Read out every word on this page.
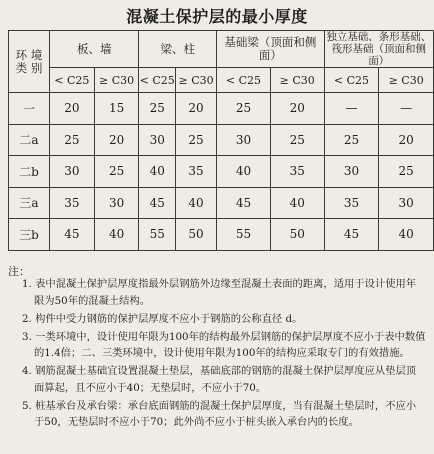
混凝土保护层的最小厚度
环 境
类 别	板、墙		梁、柱		基础梁（顶面和侧面）		独立基础、条形基础、筏形基础（顶面和侧面）	
	< C25	≥ C30	< C25	≥ C30	< C25	≥ C30	< C25	≥ C30
一	20	15	25	20	25	20	—	—
二a	25	20	30	25	30	25	25	20
二b	30	25	40	35	40	35	30	25
三a	35	30	45	40	45	40	35	30
三b	45	40	55	50	55	50	45	40
注：
1. 表中混凝土保护层厚度指最外层钢筋外边缘至混凝土表面的距离，适用于设计使用年限为50年的混凝土结构。
2. 构件中受力钢筋的保护层厚度不应小于钢筋的公称直径 d。
3. 一类环境中，设计使用年限为100年的结构最外层钢筋的保护层厚度不应小于表中数值的1.4倍；二、三类环境中，设计使用年限为100年的结构应采取专门的有效措施。
4. 钢筋混凝土基础宜设置混凝土垫层，基础底部的钢筋的混凝土保护层厚度应从垫层顶面算起，且不应小于40；无垫层时，不应小于70。
5. 桩基承台及承台梁：承台底面钢筋的混凝土保护层厚度，当有混凝土垫层时，不应小于50，无垫层时不应小于70；此外尚不应小于桩头嵌入承台内的长度。
